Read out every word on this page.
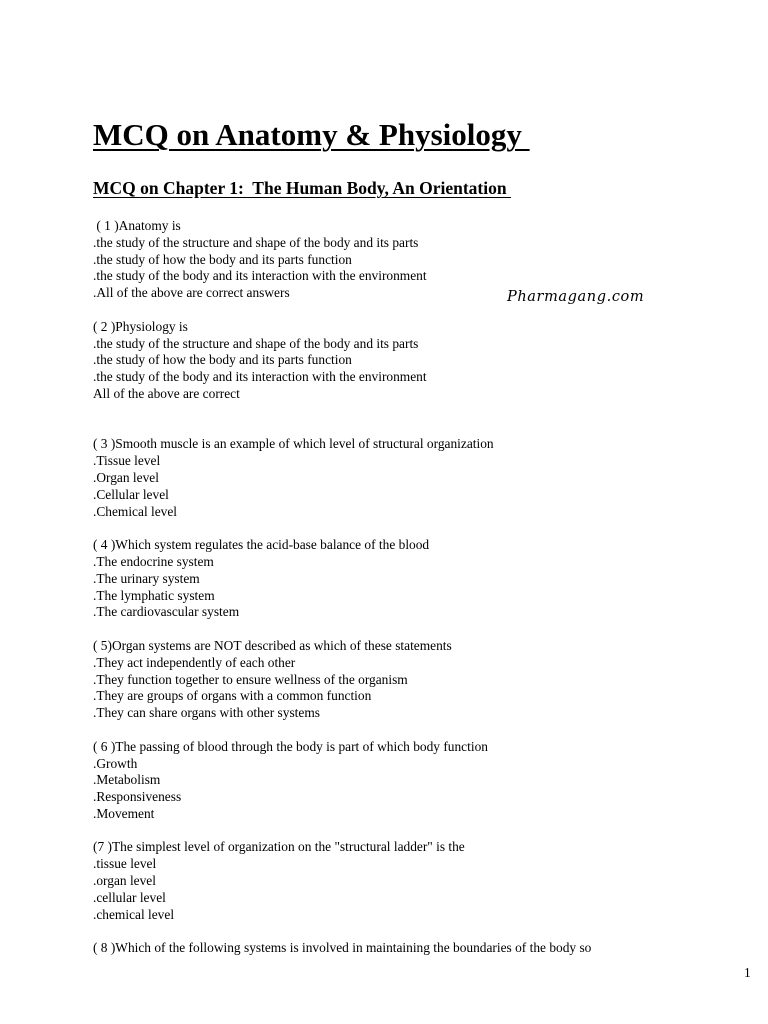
MCQ on Anatomy & Physiology
MCQ on Chapter 1:  The Human Body, An Orientation
Pharmagang.com
( 1 )Anatomy is
.the study of the structure and shape of the body and its parts
.the study of how the body and its parts function
.the study of the body and its interaction with the environment
.All of the above are correct answers
( 2 )Physiology is
.the study of the structure and shape of the body and its parts
.the study of how the body and its parts function
.the study of the body and its interaction with the environment
All of the above are correct
( 3 )Smooth muscle is an example of which level of structural organization
.Tissue level
.Organ level
.Cellular level
.Chemical level
( 4 )Which system regulates the acid-base balance of the blood
.The endocrine system
.The urinary system
.The lymphatic system
.The cardiovascular system
( 5)Organ systems are NOT described as which of these statements
.They act independently of each other
.They function together to ensure wellness of the organism
.They are groups of organs with a common function
.They can share organs with other systems
( 6 )The passing of blood through the body is part of which body function
.Growth
.Metabolism
.Responsiveness
.Movement
(7 )The simplest level of organization on the "structural ladder" is the
.tissue level
.organ level
.cellular level
.chemical level
( 8 )Which of the following systems is involved in maintaining the boundaries of the body so
1
